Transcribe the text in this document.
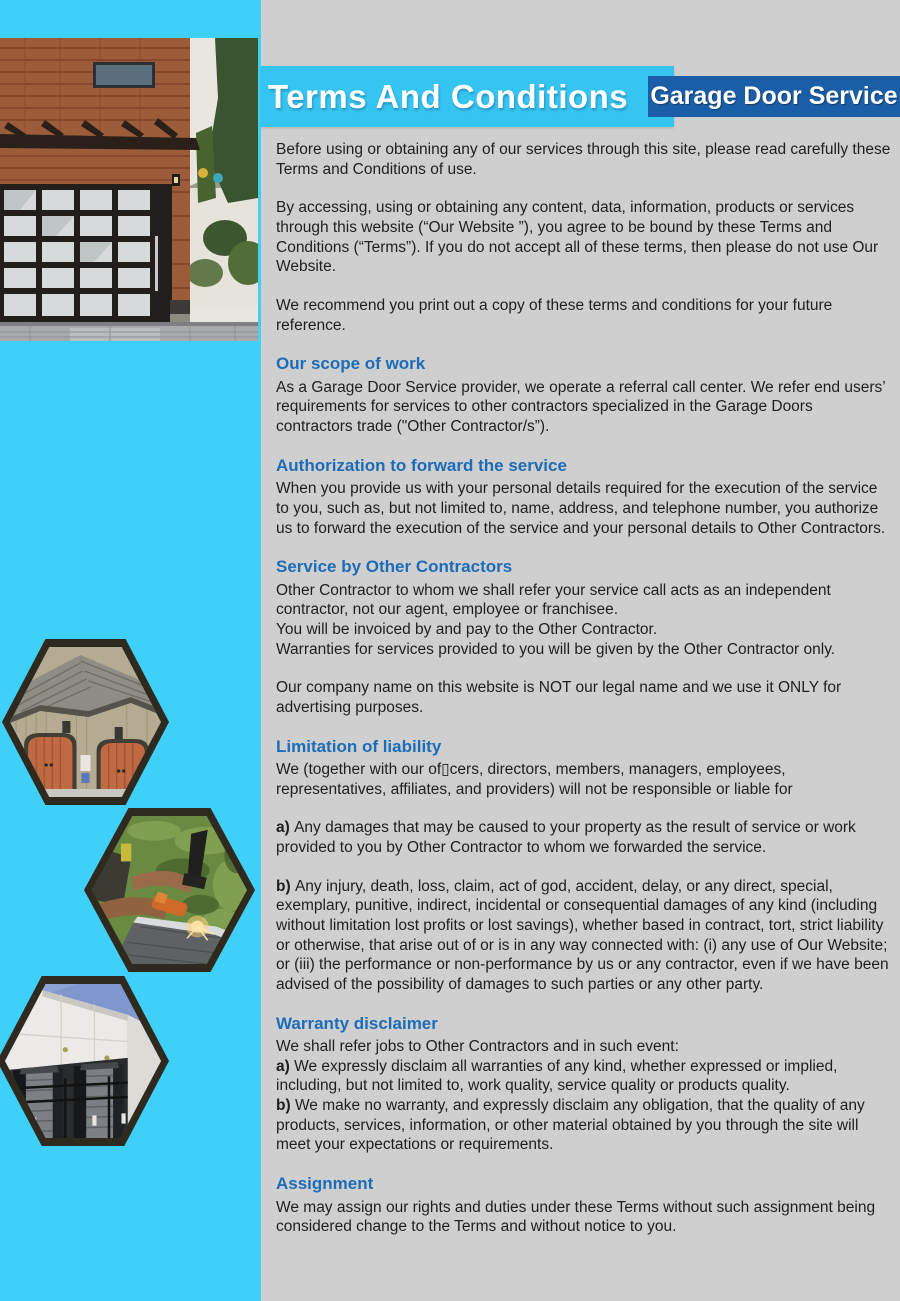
Terms And Conditions Garage Door Service

Before using or obtaining any of our services through this site, please read carefully these Terms and Conditions of use.

By accessing, using or obtaining any content, data, information, products or services through this website (“Our Website ”), you agree to be bound by these Terms and Conditions (“Terms”). If you do not accept all of these terms, then please do not use Our Website.

We recommend you print out a copy of these terms and conditions for your future reference.

Our scope of work

As a Garage Door Service provider, we operate a referral call center. We refer end users’ requirements for services to other contractors specialized in the Garage Doors contractors trade ("Other Contractor/s”).

Authorization to forward the service

When you provide us with your personal details required for the execution of the service to you, such as, but not limited to, name, address, and telephone number, you authorize us to forward the execution of the service and your personal details to Other Contractors.

Service by Other Contractors
Other Contractor to whom we shall refer your service call acts as an independent contractor, not our agent, employee or franchisee.
You will be invoiced by and pay to the Other Contractor.
Warranties for services provided to you will be given by the Other Contractor only.

Our company name on this website is NOT our legal name and we use it ONLY for advertising purposes.

Limitation of liability

We (together with our of▯cers, directors, members, managers, employees, representatives, affiliates, and providers) will not be responsible or liable for

a) Any damages that may be caused to your property as the result of service or work provided to you by Other Contractor to whom we forwarded the service.

b) Any injury, death, loss, claim, act of god, accident, delay, or any direct, special, exemplary, punitive, indirect, incidental or consequential damages of any kind (including without limitation lost profits or lost savings), whether based in contract, tort, strict liability or otherwise, that arise out of or is in any way connected with: (i) any use of Our Website; or (iii) the performance or non-performance by us or any contractor, even if we have been advised of the possibility of damages to such parties or any other party.

Warranty disclaimer
We shall refer jobs to Other Contractors and in such event:
a) We expressly disclaim all warranties of any kind, whether expressed or implied, including, but not limited to, work quality, service quality or products quality.
b) We make no warranty, and expressly disclaim any obligation, that the quality of any products, services, information, or other material obtained by you through the site will meet your expectations or requirements.
Assignment

We may assign our rights and duties under these Terms without such assignment being considered change to the Terms and without notice to you.
